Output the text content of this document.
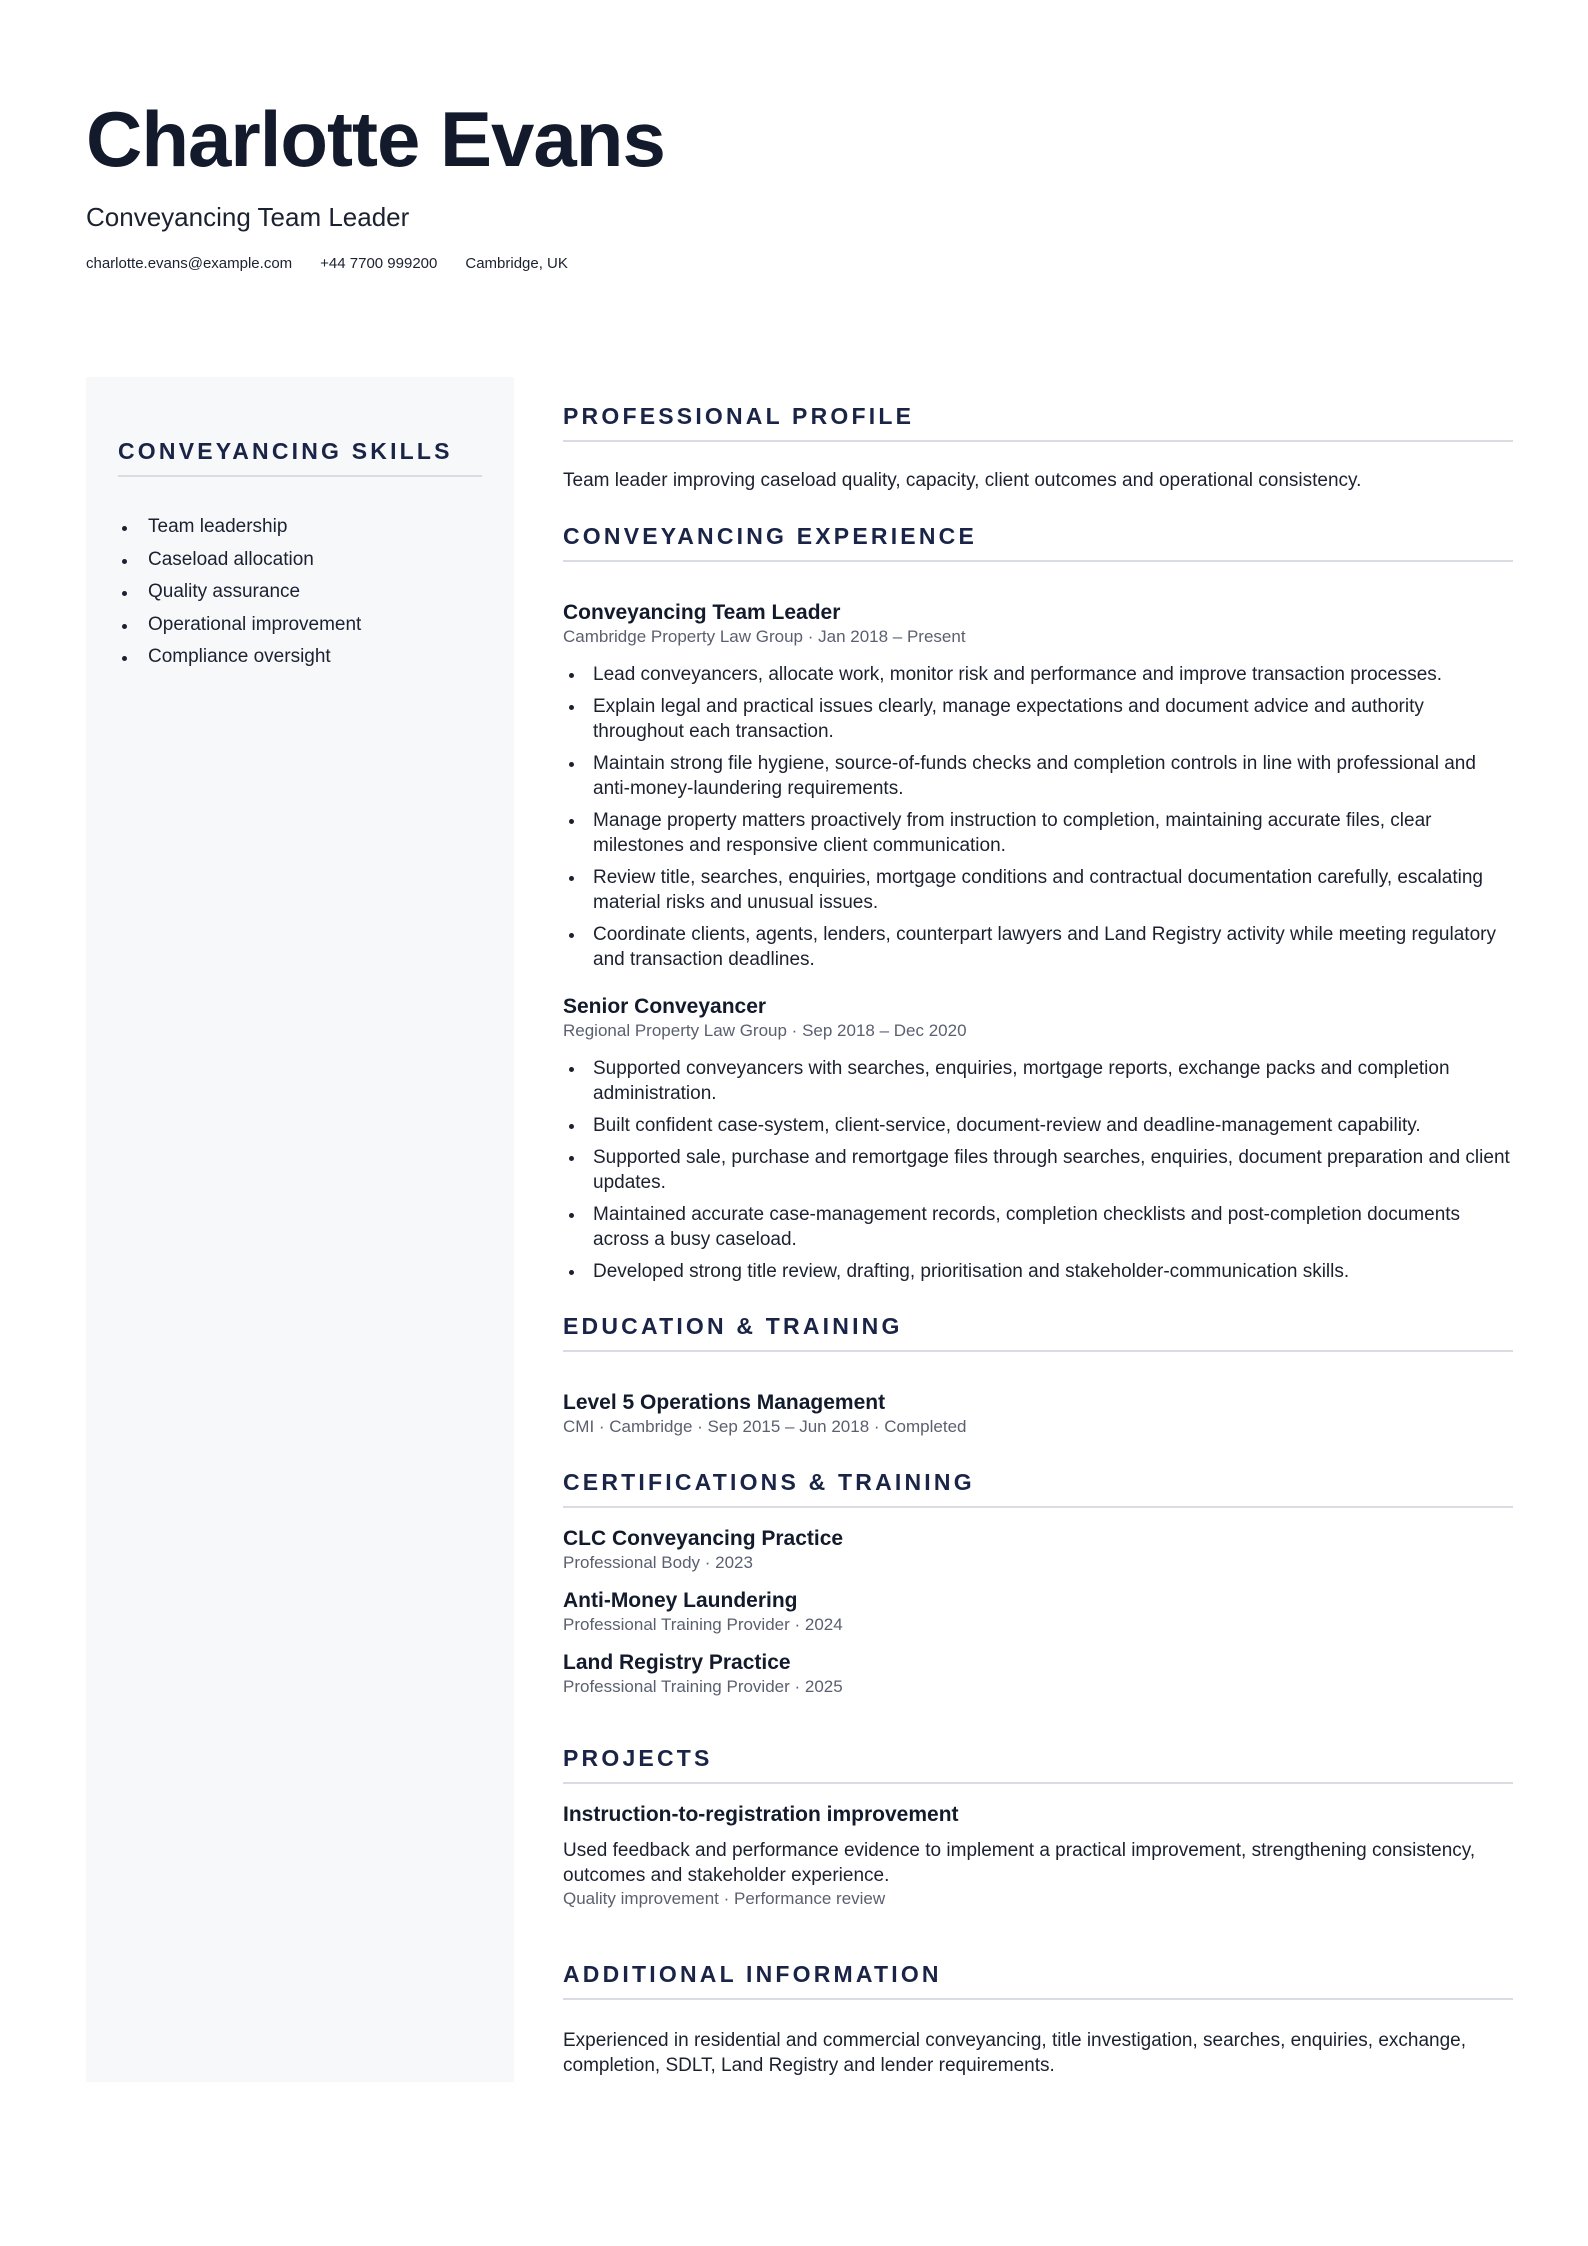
Charlotte Evans
Conveyancing Team Leader
charlotte.evans@example.com +44 7700 999200 Cambridge, UK
CONVEYANCING SKILLS
Team leadership
Caseload allocation
Quality assurance
Operational improvement
Compliance oversight
PROFESSIONAL PROFILE
Team leader improving caseload quality, capacity, client outcomes and operational consistency.
CONVEYANCING EXPERIENCE
Conveyancing Team Leader
Cambridge Property Law Group · Jan 2018 – Present
Lead conveyancers, allocate work, monitor risk and performance and improve transaction processes.
Explain legal and practical issues clearly, manage expectations and document advice and authority throughout each transaction.
Maintain strong file hygiene, source-of-funds checks and completion controls in line with professional and anti-money-laundering requirements.
Manage property matters proactively from instruction to completion, maintaining accurate files, clear milestones and responsive client communication.
Review title, searches, enquiries, mortgage conditions and contractual documentation carefully, escalating material risks and unusual issues.
Coordinate clients, agents, lenders, counterpart lawyers and Land Registry activity while meeting regulatory and transaction deadlines.
Senior Conveyancer
Regional Property Law Group · Sep 2018 – Dec 2020
Supported conveyancers with searches, enquiries, mortgage reports, exchange packs and completion administration.
Built confident case-system, client-service, document-review and deadline-management capability.
Supported sale, purchase and remortgage files through searches, enquiries, document preparation and client updates.
Maintained accurate case-management records, completion checklists and post-completion documents across a busy caseload.
Developed strong title review, drafting, prioritisation and stakeholder-communication skills.
EDUCATION & TRAINING
Level 5 Operations Management
CMI · Cambridge · Sep 2015 – Jun 2018 · Completed
CERTIFICATIONS & TRAINING
CLC Conveyancing Practice
Professional Body · 2023
Anti-Money Laundering
Professional Training Provider · 2024
Land Registry Practice
Professional Training Provider · 2025
PROJECTS
Instruction-to-registration improvement
Used feedback and performance evidence to implement a practical improvement, strengthening consistency, outcomes and stakeholder experience.
Quality improvement · Performance review
ADDITIONAL INFORMATION
Experienced in residential and commercial conveyancing, title investigation, searches, enquiries, exchange, completion, SDLT, Land Registry and lender requirements.
